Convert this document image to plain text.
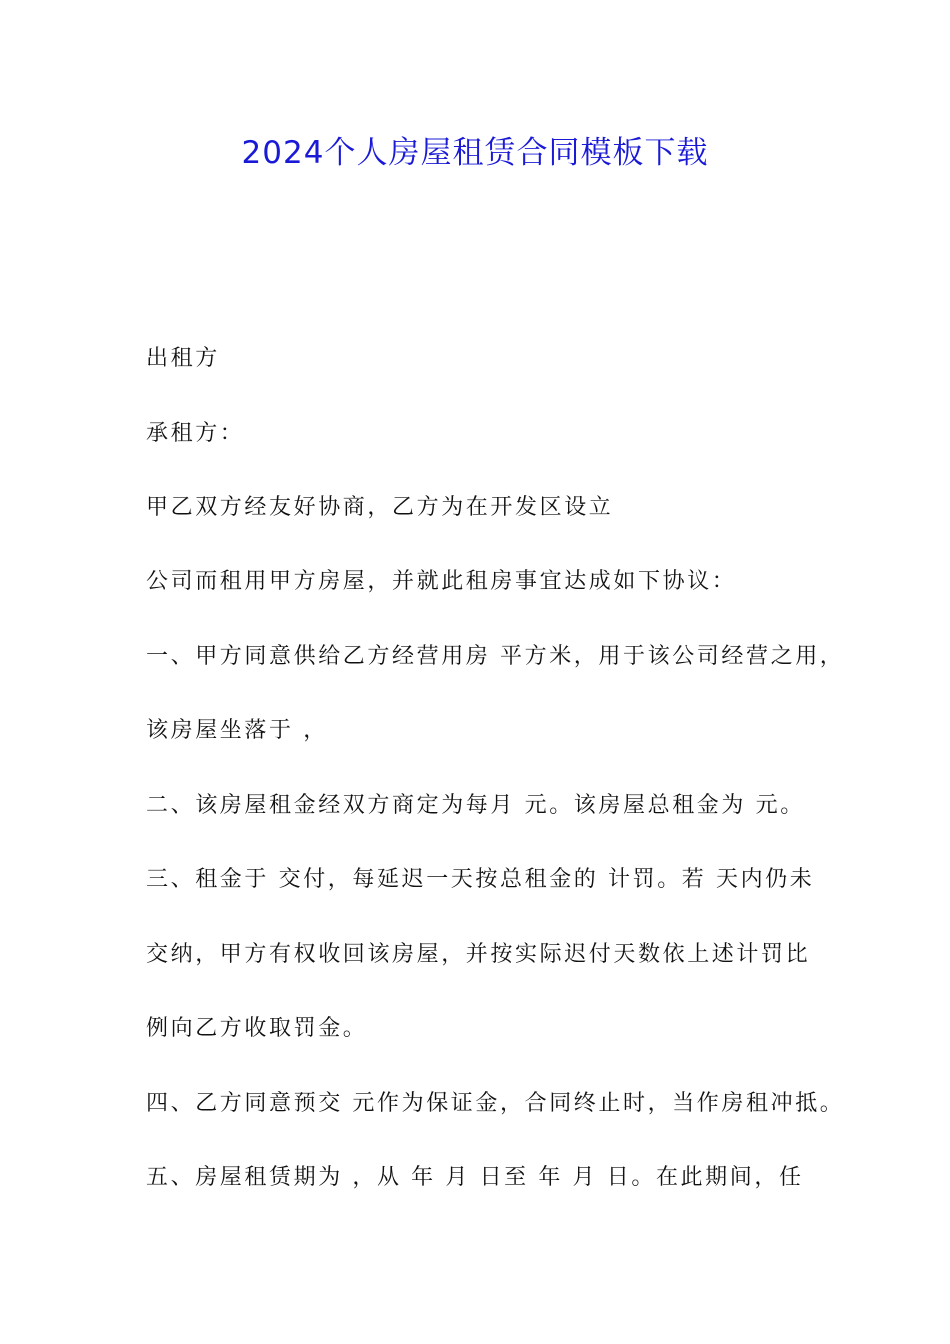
2024个人房屋租赁合同模板下载
出租方
承租方：
甲乙双方经友好协商，乙方为在开发区设立
公司而租用甲方房屋，并就此租房事宜达成如下协议：
一、甲方同意供给乙方经营用房 平方米，用于该公司经营之用，
该房屋坐落于 ，
二、该房屋租金经双方商定为每月 元。该房屋总租金为 元。
三、租金于 交付，每延迟一天按总租金的 计罚。若 天内仍未
交纳，甲方有权收回该房屋，并按实际迟付天数依上述计罚比
例向乙方收取罚金。
四、乙方同意预交 元作为保证金，合同终止时，当作房租冲抵。
五、房屋租赁期为 ，从 年 月 日至 年 月 日。在此期间，任
